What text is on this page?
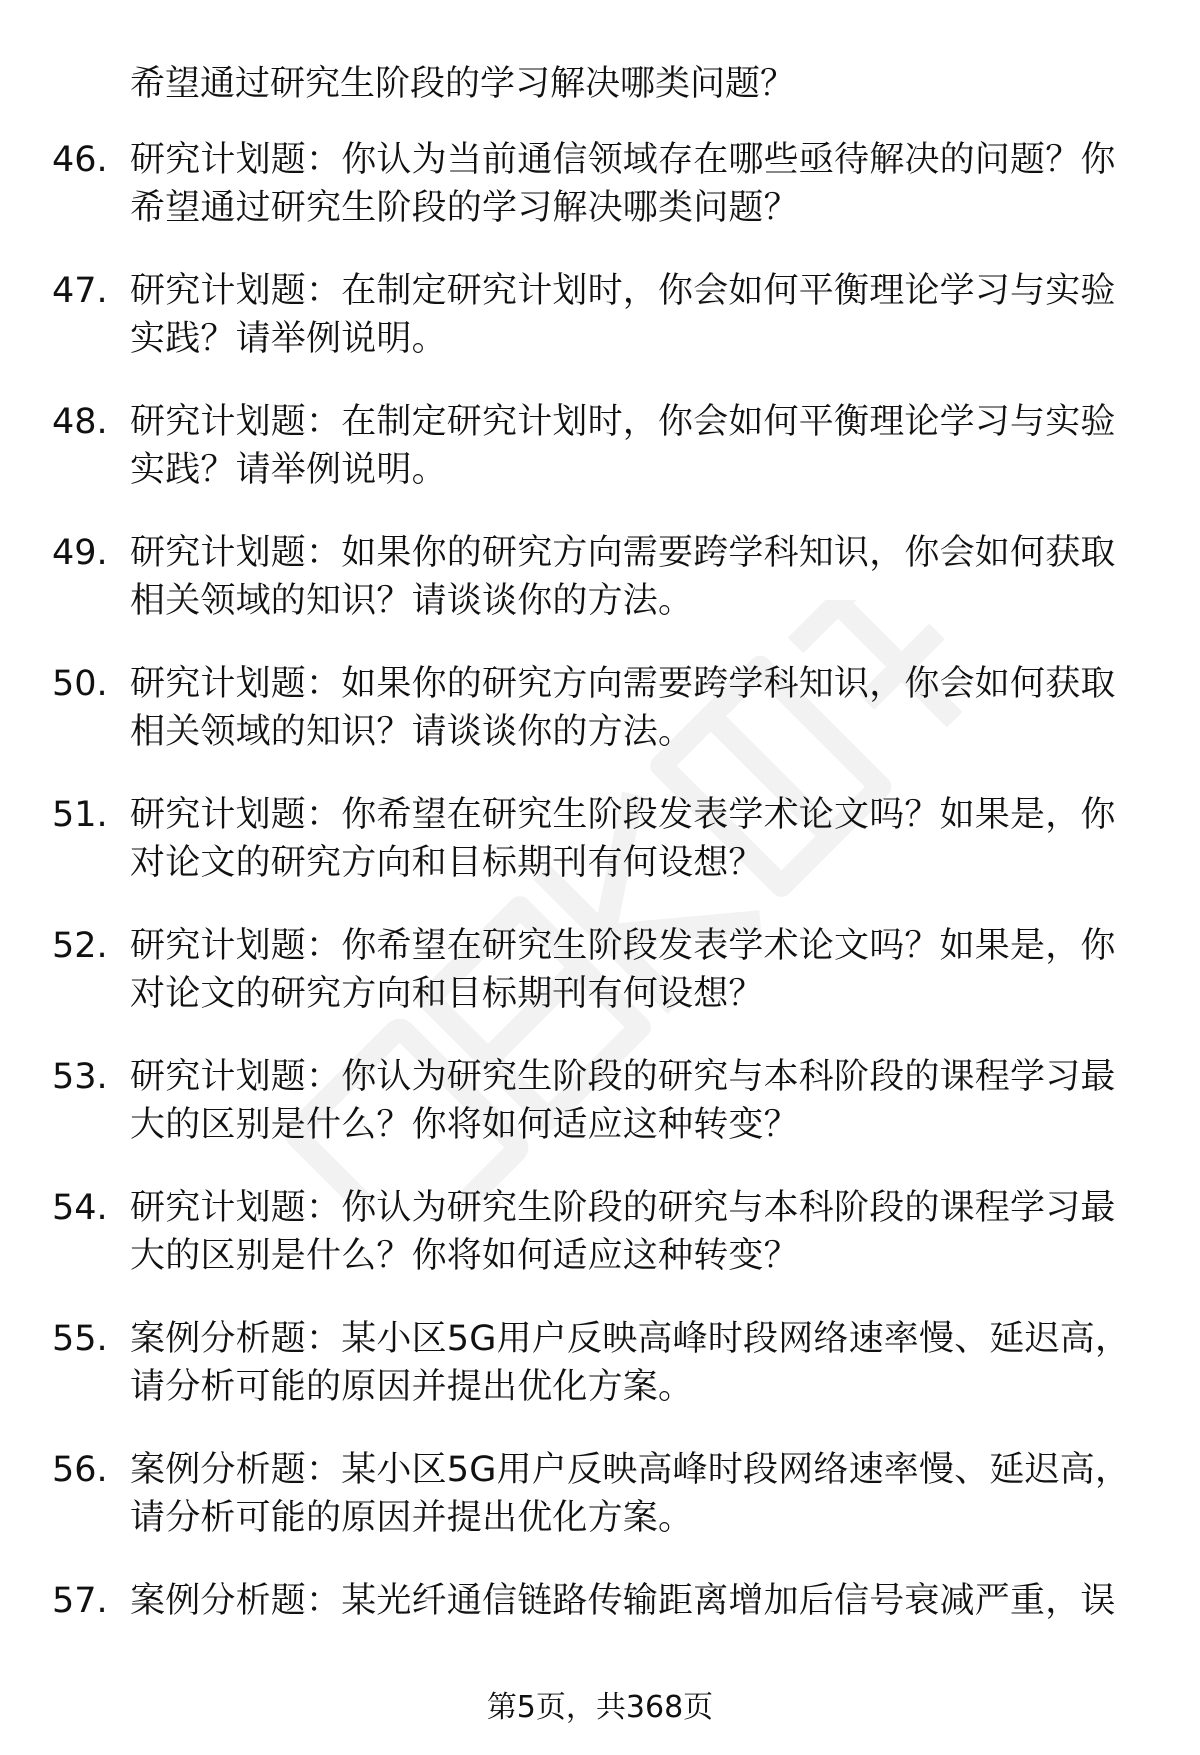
希望通过研究生阶段的学习解决哪类问题？
46. 研究计划题：你认为当前通信领域存在哪些亟待解决的问题？你希望通过研究生阶段的学习解决哪类问题？
47. 研究计划题：在制定研究计划时，你会如何平衡理论学习与实验实践？请举例说明。
48. 研究计划题：在制定研究计划时，你会如何平衡理论学习与实验实践？请举例说明。
49. 研究计划题：如果你的研究方向需要跨学科知识，你会如何获取相关领域的知识？请谈谈你的方法。
50. 研究计划题：如果你的研究方向需要跨学科知识，你会如何获取相关领域的知识？请谈谈你的方法。
51. 研究计划题：你希望在研究生阶段发表学术论文吗？如果是，你对论文的研究方向和目标期刊有何设想？
52. 研究计划题：你希望在研究生阶段发表学术论文吗？如果是，你对论文的研究方向和目标期刊有何设想？
53. 研究计划题：你认为研究生阶段的研究与本科阶段的课程学习最大的区别是什么？你将如何适应这种转变？
54. 研究计划题：你认为研究生阶段的研究与本科阶段的课程学习最大的区别是什么？你将如何适应这种转变？
55. 案例分析题：某小区5G用户反映高峰时段网络速率慢、延迟高，请分析可能的原因并提出优化方案。
56. 案例分析题：某小区5G用户反映高峰时段网络速率慢、延迟高，请分析可能的原因并提出优化方案。
57. 案例分析题：某光纤通信链路传输距离增加后信号衰减严重，误
第5页，共368页
